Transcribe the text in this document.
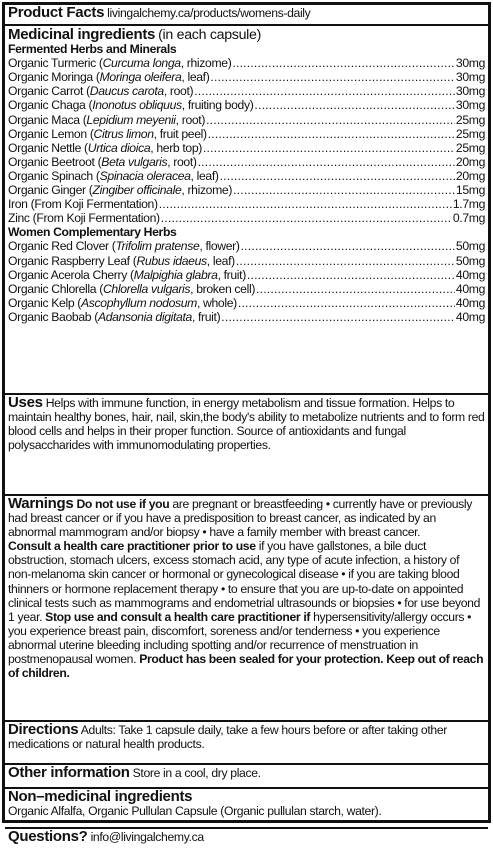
Product Facts livingalchemy.ca/products/womens-daily
Medicinal ingredients (in each capsule)
Fermented Herbs and Minerals
Organic Turmeric (Curcuma longa, rhizome) .....	30mg
Organic Moringa (Moringa oleifera, leaf) .....	30mg
Organic Carrot (Daucus carota, root) .....	30mg
Organic Chaga (Inonotus obliquus, fruiting body) .....	30mg
Organic Maca (Lepidium meyenii, root) .....	25mg
Organic Lemon (Citrus limon, fruit peel) .....	25mg
Organic Nettle (Urtica dioica, herb top) .....	25mg
Organic Beetroot (Beta vulgaris, root) .....	20mg
Organic Spinach (Spinacia oleracea, leaf) .....	20mg
Organic Ginger (Zingiber officinale, rhizome) .....	15mg
Iron (From Koji Fermentation) .....	1.7mg
Zinc (From Koji Fermentation) .....	0.7mg
Women Complementary Herbs
Organic Red Clover (Trifolim pratense, flower) .....	50mg
Organic Raspberry Leaf (Rubus idaeus, leaf) .....	50mg
Organic Acerola Cherry (Malpighia glabra, fruit) .....	40mg
Organic Chlorella (Chlorella vulgaris, broken cell) .....	40mg
Organic Kelp (Ascophyllum nodosum, whole) .....	40mg
Organic Baobab (Adansonia digitata, fruit) .....	40mg
Uses Helps with immune function, in energy metabolism and tissue formation. Helps to maintain healthy bones, hair, nail, skin,the body's ability to metabolize nutrients and to form red blood cells and helps in their proper function. Source of antioxidants and fungal polysaccharides with immunomodulating properties.
Warnings Do not use if you are pregnant or breastfeeding • currently have or previously had breast cancer or if you have a predisposition to breast cancer, as indicated by an abnormal mammogram and/or biopsy • have a family member with breast cancer.
Consult a health care practitioner prior to use if you have gallstones, a bile duct obstruction, stomach ulcers, excess stomach acid, any type of acute infection, a history of non-melanoma skin cancer or hormonal or gynecological disease • if you are taking blood thinners or hormone replacement therapy • to ensure that you are up-to-date on appointed clinical tests such as mammograms and endometrial ultrasounds or biopsies • for use beyond 1 year. Stop use and consult a health care practitioner if hypersensitivity/allergy occurs • you experience breast pain, discomfort, soreness and/or tenderness • you experience abnormal uterine bleeding including spotting and/or recurrence of menstruation in postmenopausal women. Product has been sealed for your protection. Keep out of reach of children.
Directions Adults: Take 1 capsule daily, take a few hours before or after taking other medications or natural health products.
Other information Store in a cool, dry place.
Non–medicinal ingredients
Organic Alfalfa, Organic Pullulan Capsule (Organic pullulan starch, water).
Questions? info@livingalchemy.ca
